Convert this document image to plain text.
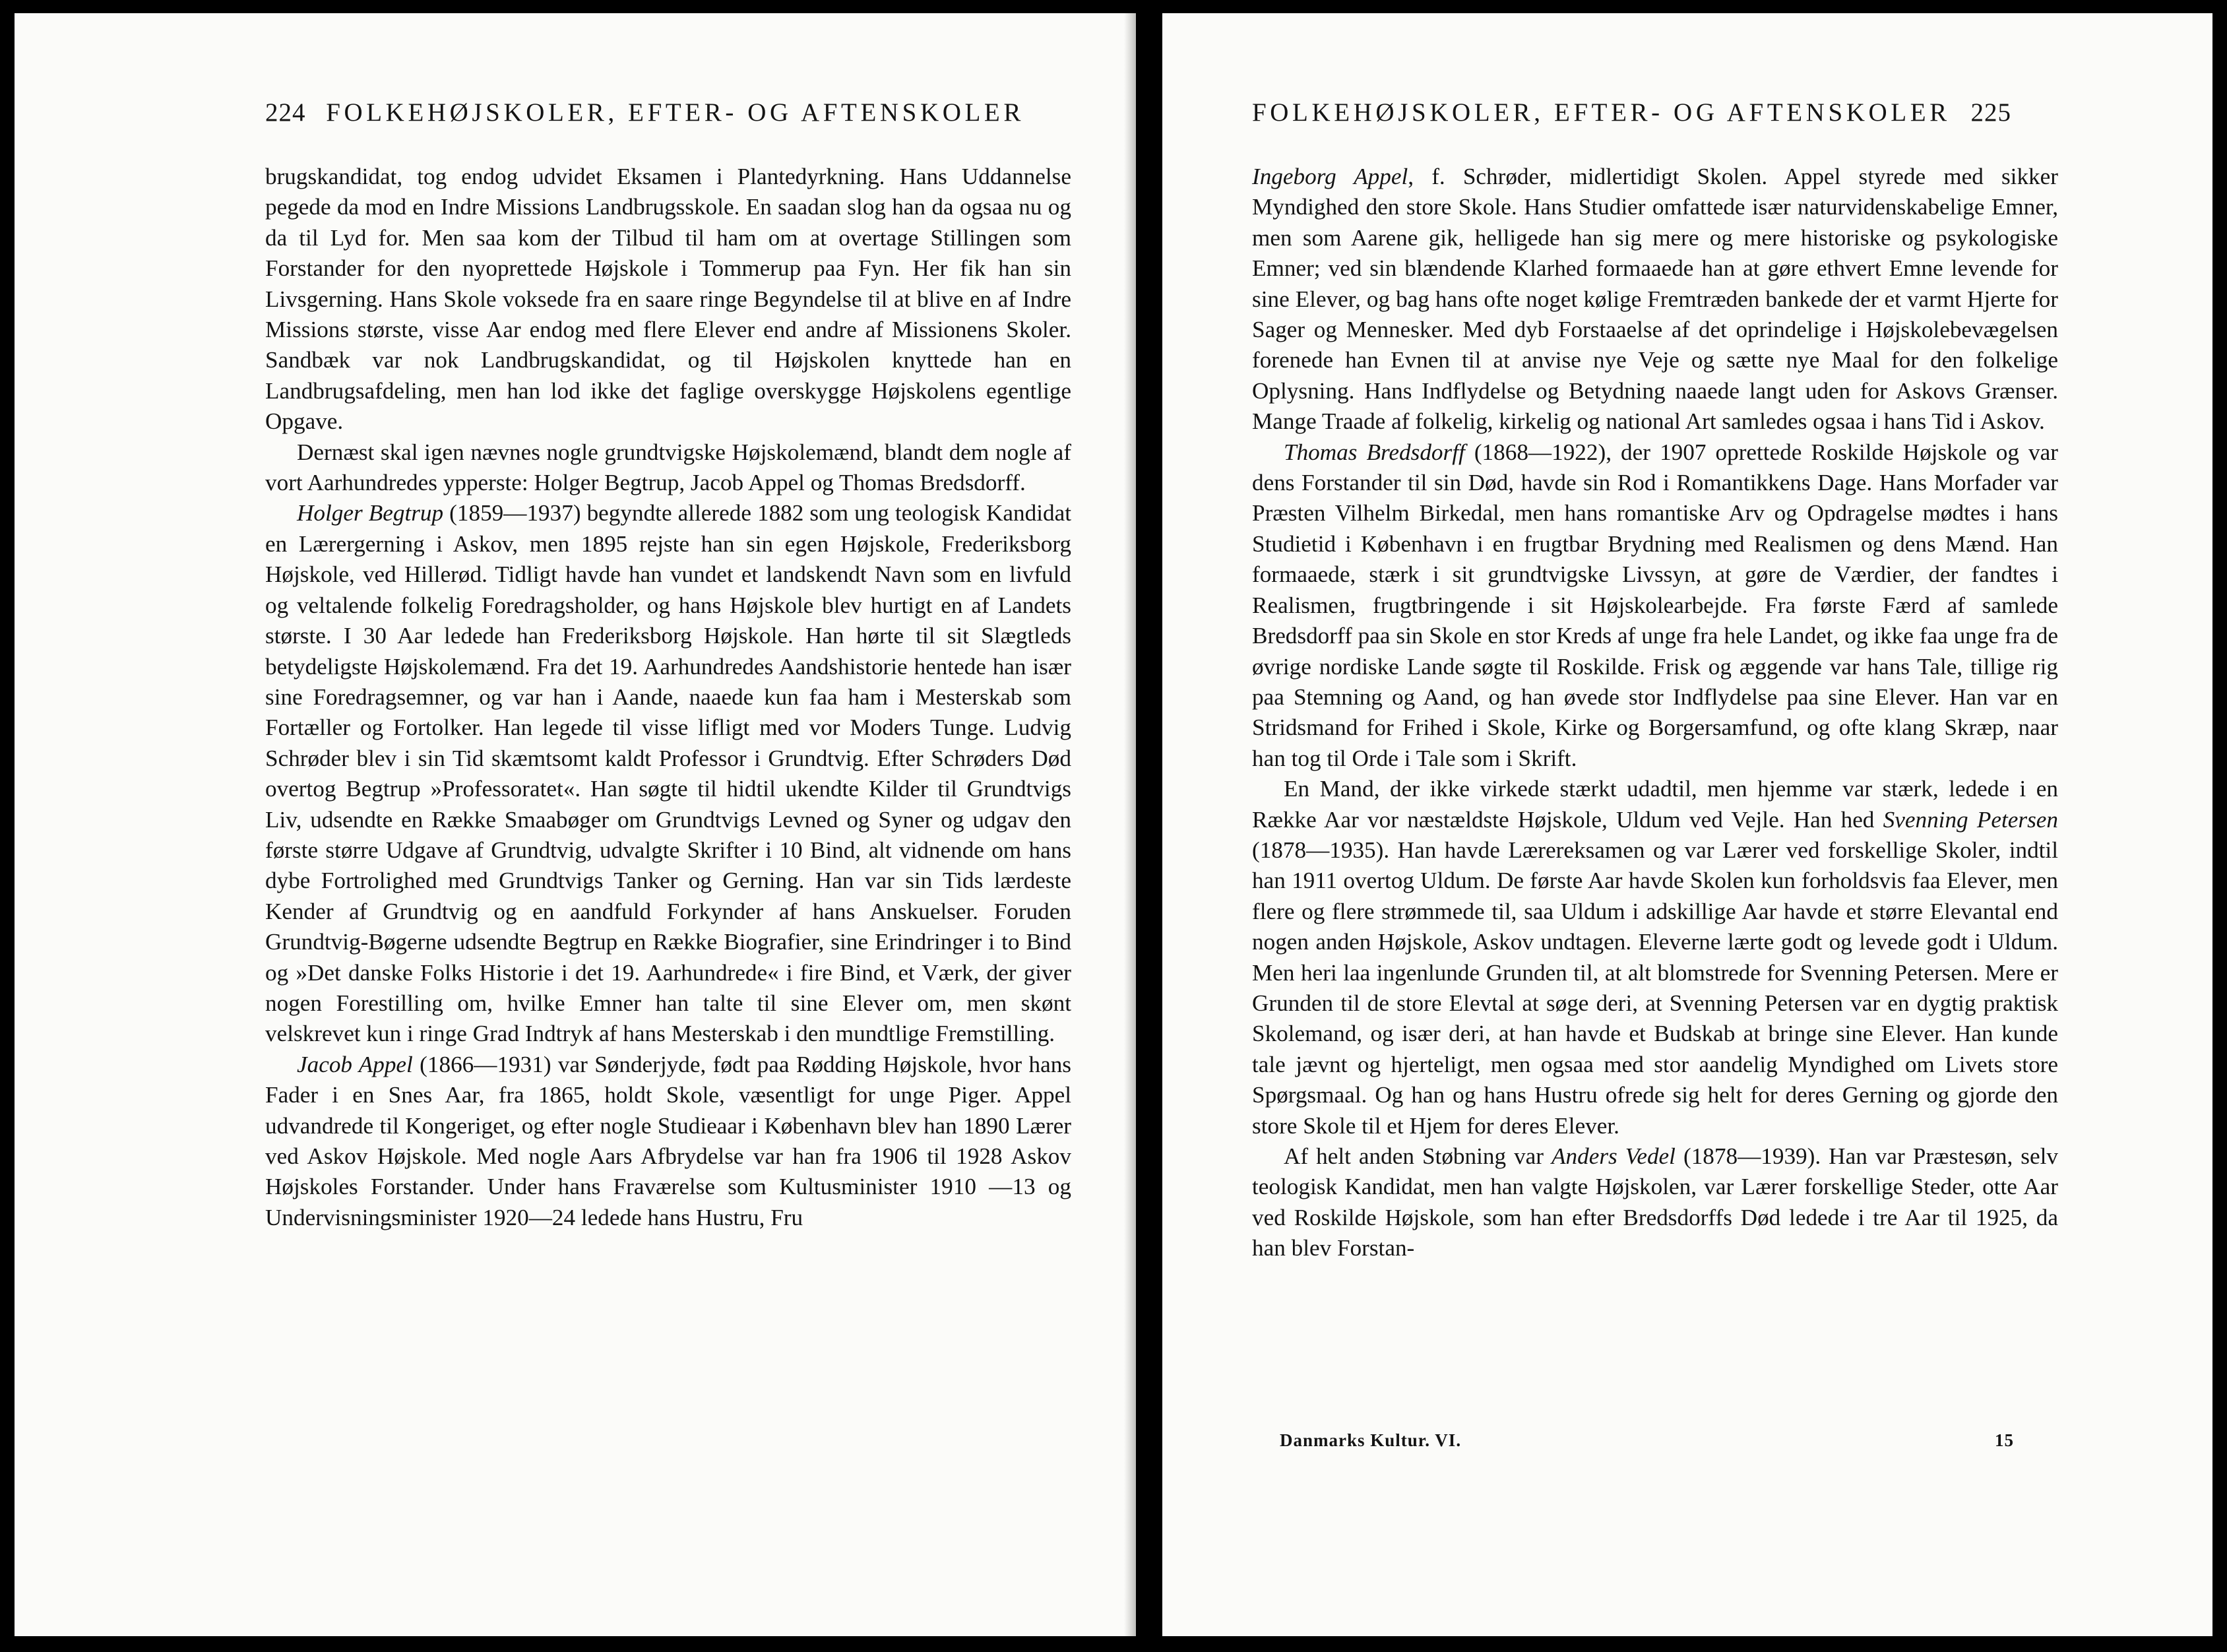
224 FOLKEHØJSKOLER, EFTER- OG AFTENSKOLER

brugskandidat, tog endog udvidet Eksamen i Plantedyrkning. Hans Uddannelse pegede da mod en Indre Missions Landbrugsskole. En saadan slog han da ogsaa nu og da til Lyd for. Men saa kom der Tilbud til ham om at overtage Stillingen som Forstander for den nyoprettede Højskole i Tommerup paa Fyn. Her fik han sin Livsgerning. Hans Skole voksede fra en saare ringe Begyndelse til at blive en af Indre Missions største, visse Aar endog med flere Elever end andre af Missionens Skoler. Sandbæk var nok Landbrugskandidat, og til Højskolen knyttede han en Landbrugsafdeling, men han lod ikke det faglige overskygge Højskolens egentlige Opgave.

Dernæst skal igen nævnes nogle grundtvigske Højskolemænd, blandt dem nogle af vort Aarhundredes ypperste: Holger Begtrup, Jacob Appel og Thomas Bredsdorff.

Holger Begtrup (1859—1937) begyndte allerede 1882 som ung teologisk Kandidat en Lærergerning i Askov, men 1895 rejste han sin egen Højskole, Frederiksborg Højskole, ved Hillerød. Tidligt havde han vundet et landskendt Navn som en livfuld og veltalende folkelig Foredragsholder, og hans Højskole blev hurtigt en af Landets største. I 30 Aar ledede han Frederiksborg Højskole. Han hørte til sit Slægtleds betydeligste Højskolemænd. Fra det 19. Aarhundredes Aandshistorie hentede han især sine Foredragsemner, og var han i Aande, naaede kun faa ham i Mesterskab som Fortæller og Fortolker. Han legede til visse lifligt med vor Moders Tunge. Ludvig Schrøder blev i sin Tid skæmtsomt kaldt Professor i Grundtvig. Efter Schrøders Død overtog Begtrup »Professoratet«. Han søgte til hidtil ukendte Kilder til Grundtvigs Liv, udsendte en Række Smaabøger om Grundtvigs Levned og Syner og udgav den første større Udgave af Grundtvig, udvalgte Skrifter i 10 Bind, alt vidnende om hans dybe Fortrolighed med Grundtvigs Tanker og Gerning. Han var sin Tids lærdeste Kender af Grundtvig og en aandfuld Forkynder af hans Anskuelser. Foruden Grundtvig-Bøgerne udsendte Begtrup en Række Biografier, sine Erindringer i to Bind og »Det danske Folks Historie i det 19. Aarhundrede« i fire Bind, et Værk, der giver nogen Forestilling om, hvilke Emner han talte til sine Elever om, men skønt velskrevet kun i ringe Grad Indtryk af hans Mesterskab i den mundtlige Fremstilling.

Jacob Appel (1866—1931) var Sønderjyde, født paa Rødding Højskole, hvor hans Fader i en Snes Aar, fra 1865, holdt Skole, væsentligt for unge Piger. Appel udvandrede til Kongeriget, og efter nogle Studieaar i København blev han 1890 Lærer ved Askov Højskole. Med nogle Aars Afbrydelse var han fra 1906 til 1928 Askov Højskoles Forstander. Under hans Fraværelse som Kultusminister 1910 —13 og Undervisningsminister 1920—24 ledede hans Hustru, Fru

FOLKEHØJSKOLER, EFTER- OG AFTENSKOLER 225

Ingeborg Appel, f. Schrøder, midlertidigt Skolen. Appel styrede med sikker Myndighed den store Skole. Hans Studier omfattede især naturvidenskabelige Emner, men som Aarene gik, helligede han sig mere og mere historiske og psykologiske Emner; ved sin blændende Klarhed formaaede han at gøre ethvert Emne levende for sine Elever, og bag hans ofte noget kølige Fremtræden bankede der et varmt Hjerte for Sager og Mennesker. Med dyb Forstaaelse af det oprindelige i Højskolebevægelsen forenede han Evnen til at anvise nye Veje og sætte nye Maal for den folkelige Oplysning. Hans Indflydelse og Betydning naaede langt uden for Askovs Grænser. Mange Traade af folkelig, kirkelig og national Art samledes ogsaa i hans Tid i Askov.

Thomas Bredsdorff (1868—1922), der 1907 oprettede Roskilde Højskole og var dens Forstander til sin Død, havde sin Rod i Romantikkens Dage. Hans Morfader var Præsten Vilhelm Birkedal, men hans romantiske Arv og Opdragelse mødtes i hans Studietid i København i en frugtbar Brydning med Realismen og dens Mænd. Han formaaede, stærk i sit grundtvigske Livssyn, at gøre de Værdier, der fandtes i Realismen, frugtbringende i sit Højskolearbejde. Fra første Færd af samlede Bredsdorff paa sin Skole en stor Kreds af unge fra hele Landet, og ikke faa unge fra de øvrige nordiske Lande søgte til Roskilde. Frisk og æggende var hans Tale, tillige rig paa Stemning og Aand, og han øvede stor Indflydelse paa sine Elever. Han var en Stridsmand for Frihed i Skole, Kirke og Borgersamfund, og ofte klang Skræp, naar han tog til Orde i Tale som i Skrift.

En Mand, der ikke virkede stærkt udadtil, men hjemme var stærk, ledede i en Række Aar vor næstældste Højskole, Uldum ved Vejle. Han hed Svenning Petersen (1878—1935). Han havde Lærereksamen og var Lærer ved forskellige Skoler, indtil han 1911 overtog Uldum. De første Aar havde Skolen kun forholdsvis faa Elever, men flere og flere strømmede til, saa Uldum i adskillige Aar havde et større Elevantal end nogen anden Højskole, Askov undtagen. Eleverne lærte godt og levede godt i Uldum. Men heri laa ingenlunde Grunden til, at alt blomstrede for Svenning Petersen. Mere er Grunden til de store Elevtal at søge deri, at Svenning Petersen var en dygtig praktisk Skolemand, og især deri, at han havde et Budskab at bringe sine Elever. Han kunde tale jævnt og hjerteligt, men ogsaa med stor aandelig Myndighed om Livets store Spørgsmaal. Og han og hans Hustru ofrede sig helt for deres Gerning og gjorde den store Skole til et Hjem for deres Elever.

Af helt anden Støbning var Anders Vedel (1878—1939). Han var Præstesøn, selv teologisk Kandidat, men han valgte Højskolen, var Lærer forskellige Steder, otte Aar ved Roskilde Højskole, som han efter Bredsdorffs Død ledede i tre Aar til 1925, da han blev Forstan-

Danmarks Kultur. VI.	15
